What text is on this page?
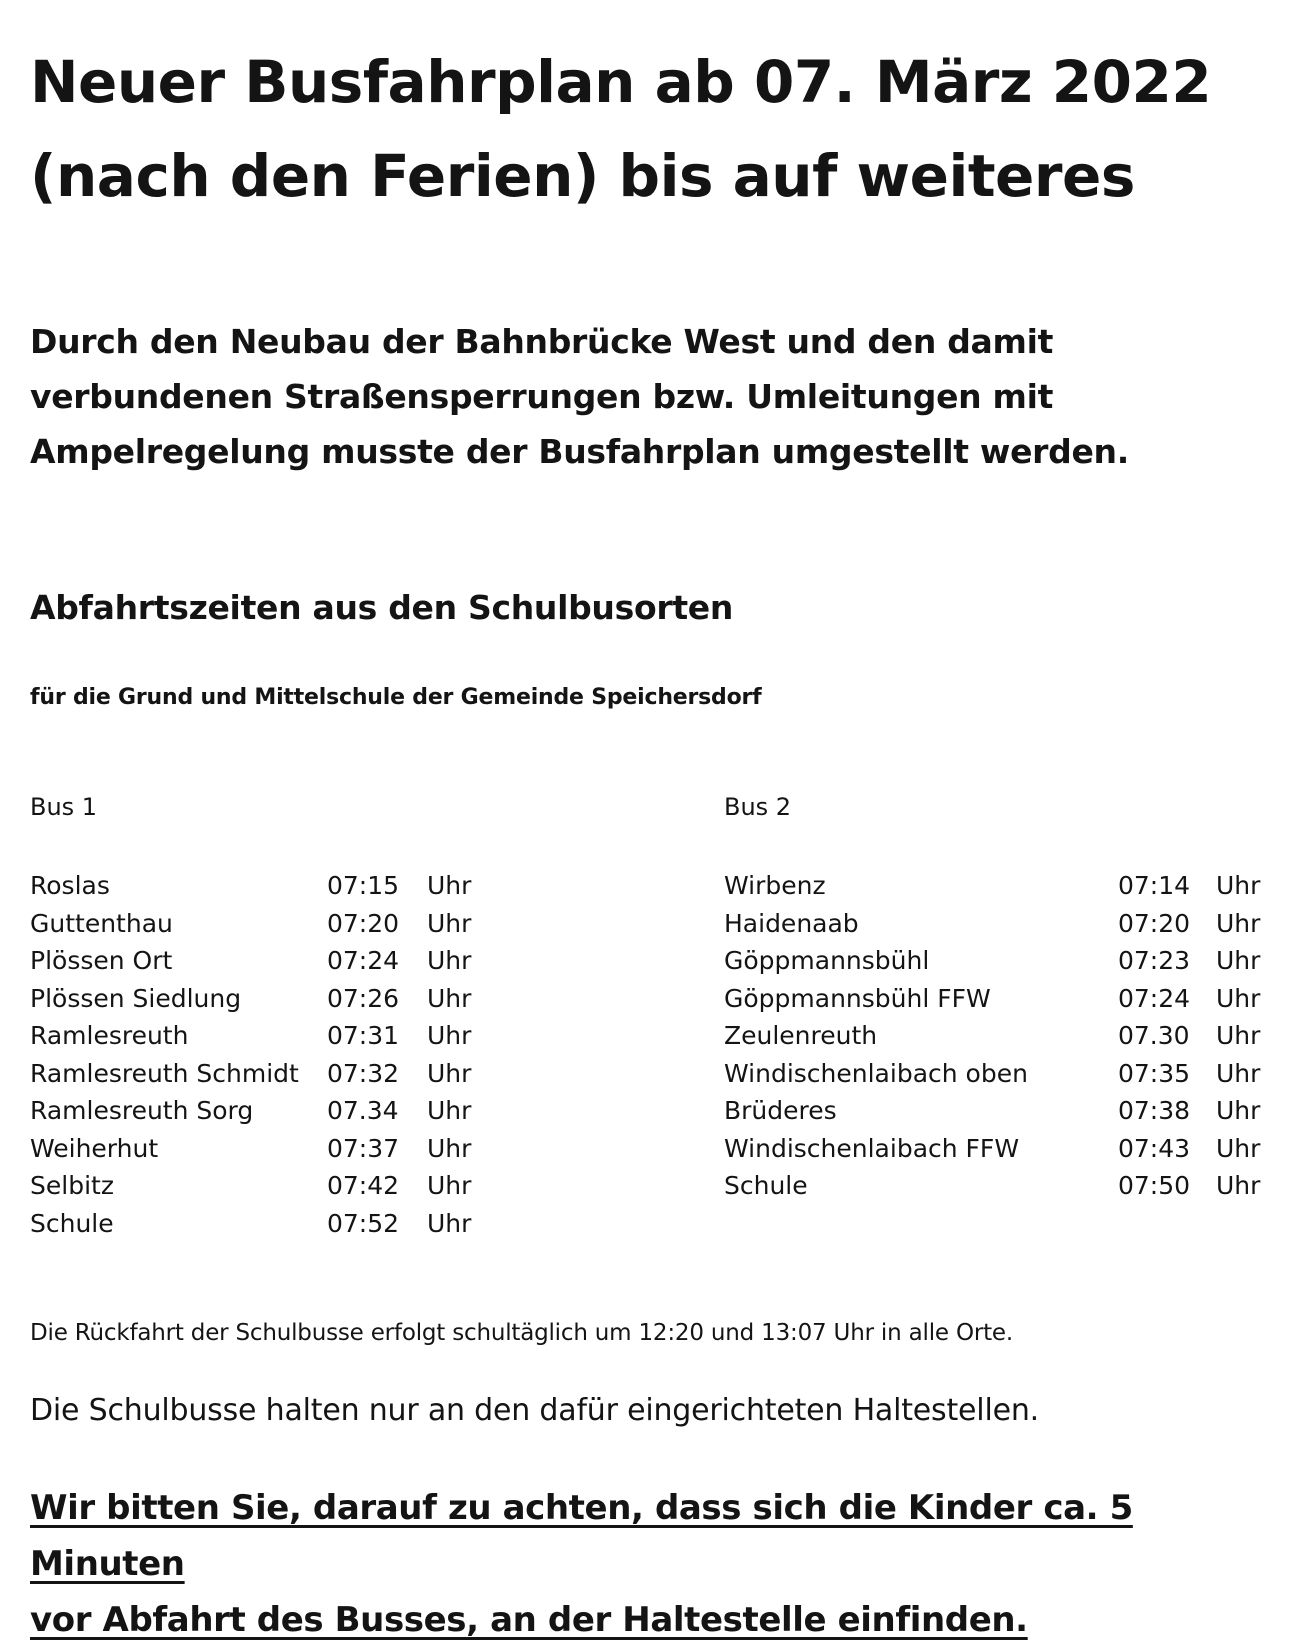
Neuer Busfahrplan ab 07. März 2022
(nach den Ferien) bis auf weiteres

Durch den Neubau der Bahnbrücke West und den damit
verbundenen Straßensperrungen bzw. Umleitungen mit
Ampelregelung musste der Busfahrplan umgestellt werden.

Abfahrtszeiten aus den Schulbusorten

für die Grund und Mittelschule der Gemeinde Speichersdorf

Bus 1	Bus 2
Roslas	07:15 Uhr
Guttenthau	07:20 Uhr
Plössen Ort	07:24 Uhr
Plössen Siedlung	07:26 Uhr
Ramlesreuth	07:31 Uhr
Ramlesreuth Schmidt 07:32 Uhr
Ramlesreuth Sorg	07.34 Uhr
Weiherhut	07:37 Uhr
Selbitz	07:42 Uhr
Schule	07:52 Uhr
Wirbenz	07:14 Uhr
Haidenaab	07:20 Uhr
Göppmannsbühl	07:23 Uhr
Göppmannsbühl FFW	07:24 Uhr
Zeulenreuth	07.30 Uhr
Windischenlaibach oben	07:35 Uhr
Brüderes	07:38 Uhr
Windischenlaibach FFW	07:43 Uhr
Schule	07:50 Uhr

Die Rückfahrt der Schulbusse erfolgt schultäglich um 12:20 und 13:07 Uhr in alle Orte.

Die Schulbusse halten nur an den dafür eingerichteten Haltestellen.

Wir bitten Sie, darauf zu achten, dass sich die Kinder ca. 5 Minuten
vor Abfahrt des Busses, an der Haltestelle einfinden.
